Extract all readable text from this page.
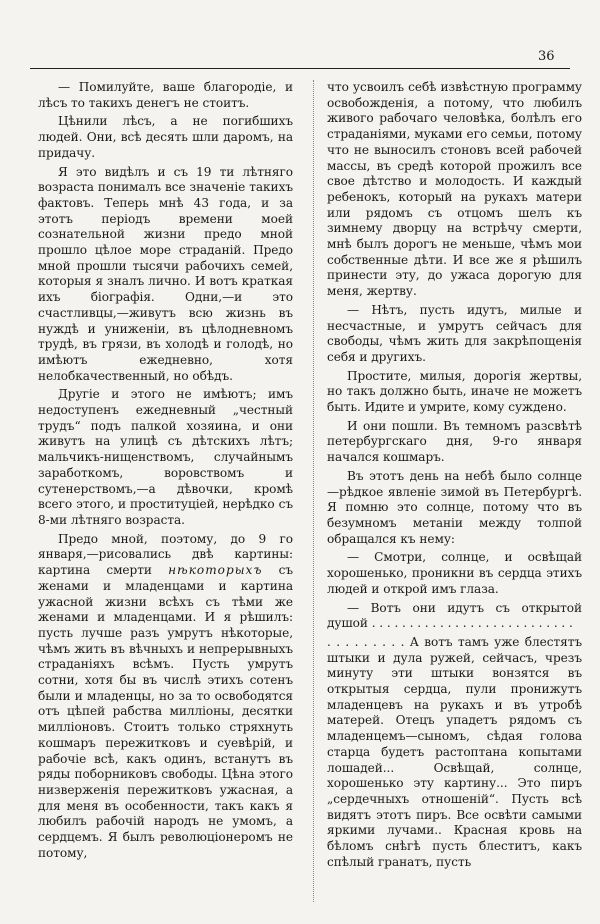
36

— Помилуйте, ваше благородіе, и лѣсъ то такихъ денегъ не стоитъ.

Цѣнили лѣсъ, а не погибшихъ людей. Они, всѣ десять шли даромъ, на придачу.

Я это видѣлъ и съ 19 ти лѣтняго возраста понималъ все значеніе такихъ фактовъ. Теперь мнѣ 43 года, и за этотъ періодъ времени моей сознательной жизни предо мной прошло цѣлое море страданій. Предо мной прошли тысячи рабочихъ семей, которыя я зналъ лично. И вотъ краткая ихъ біографія. Одни,—и это счастливцы,—живутъ всю жизнь въ нуждѣ и униженіи, въ цѣлодневномъ трудѣ, въ грязи, въ холодѣ и голодѣ, но имѣютъ ежедневно, хотя нелобкачественный, но обѣдъ.

Другіе и этого не имѣютъ; имъ недоступенъ ежедневный „честный трудъ“ подъ палкой хозяина, и они живутъ на улицѣ съ дѣтскихъ лѣтъ; мальчикъ-нищенствомъ, случайнымъ заработкомъ, воровствомъ и сутенерствомъ,—а дѣвочки, кромѣ всего этого, и проституціей, нерѣдко съ 8-ми лѣтняго возраста.

Предо мной, поэтому, до 9 го января,—рисовались двѣ картины: картина смерти нѣкоторыхъ съ женами и младенцами и картина ужасной жизни всѣхъ съ тѣми же женами и младенцами. И я рѣшилъ: пусть лучше разъ умрутъ нѣкоторые, чѣмъ жить въ вѣчныхъ и непрерывныхъ страданіяхъ всѣмъ. Пусть умрутъ сотни, хотя бы въ числѣ этихъ сотенъ были и младенцы, но за то освободятся отъ цѣпей рабства милліоны, десятки милліоновъ. Стоитъ только стряхнуть кошмаръ пережитковъ и суевѣрій, и рабочіе всѣ, какъ одинъ, встанутъ въ ряды поборниковъ свободы. Цѣна этого низверженія пережитковъ ужасная, а для меня въ особенности, такъ какъ я любилъ рабочій народъ не умомъ, а сердцемъ. Я былъ революціонеромъ не потому,

что усвоилъ себѣ извѣстную программу освобожденія, а потому, что любилъ живого рабочаго человѣка, болѣлъ его страданіями, муками его семьи, потому что не выносилъ стоновъ всей рабочей массы, въ средѣ которой прожилъ все свое дѣтство и молодость. И каждый ребенокъ, который на рукахъ матери или рядомъ съ отцомъ шелъ къ зимнему дворцу на встрѣчу смерти, мнѣ былъ дорогъ не меньше, чѣмъ мои собственные дѣти. И все же я рѣшилъ принести эту, до ужаса дорогую для меня, жертву.

— Нѣтъ, пусть идутъ, милые и несчастные, и умрутъ сейчасъ для свободы, чѣмъ жить для закрѣпощенія себя и другихъ.

Простите, милыя, дорогія жертвы, но такъ должно быть, иначе не можетъ быть. Идите и умрите, кому суждено.

И они пошли. Въ темномъ разсвѣтѣ петербургскаго дня, 9-го января начался кошмаръ.

Въ этотъ день на небѣ было солнце—рѣдкое явленіе зимой въ Петербургѣ. Я помню это солнце, потому что въ безумномъ метаніи между толпой обращался къ нему:

— Смотри, солнце, и освѣщай хорошенько, проникни въ сердца этихъ людей и открой имъ глаза.

— Вотъ они идутъ съ открытой душой . . . . . . . . . . . . . . . . . . . . . . . . . . .

. . . . . . . . . А вотъ тамъ уже блестятъ штыки и дула ружей, сейчасъ, чрезъ минуту эти штыки вонзятся въ открытыя сердца, пули пронижутъ младенцевъ на рукахъ и въ утробѣ матерей. Отецъ упадетъ рядомъ съ младенцемъ—сыномъ, сѣдая голова старца будетъ растоптана копытами лошадей... Освѣщай, солнце, хорошенько эту картину... Это пиръ „сердечныхъ отношеній“. Пусть всѣ видятъ этотъ пиръ. Все освѣти самыми яркими лучами.. Красная кровь на бѣломъ снѣгѣ пусть блеститъ, какъ спѣлый гранатъ, пусть
